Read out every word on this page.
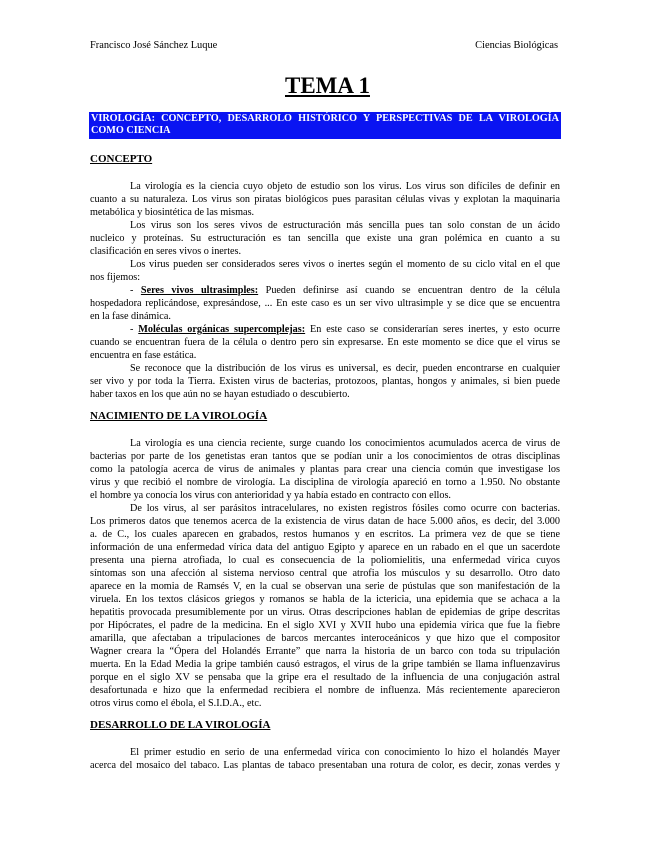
Francisco José Sánchez Luque	Ciencias Biológicas
TEMA 1
VIROLOGÍA: CONCEPTO, DESARROLO HISTÓRICO Y PERSPECTIVAS DE LA VIROLOGÍA
COMO CIENCIA
CONCEPTO
La virología es la ciencia cuyo objeto de estudio son los virus. Los virus son difíciles de definir en
cuanto a su naturaleza. Los virus son piratas biológicos pues parasitan células vivas y explotan la maquinaria
metabólica y biosintética de las mismas.
Los virus son los seres vivos de estructuración más sencilla pues tan solo constan de un ácido
nucleico y proteínas. Su estructuración es tan sencilla que existe una gran polémica en cuanto a su
clasificación en seres vivos o inertes.
Los virus pueden ser considerados seres vivos o inertes según el momento de su ciclo vital en el que
nos fijemos:
- Seres vivos ultrasimples: Pueden definirse así cuando se encuentran dentro de la célula
hospedadora replicándose, expresándose, ... En este caso es un ser vivo ultrasimple y se dice que se encuentra
en la fase dinámica.
- Moléculas orgánicas supercomplejas: En este caso se considerarían seres inertes, y esto ocurre
cuando se encuentran fuera de la célula o dentro pero sin expresarse. En este momento se dice que el virus se
encuentra en fase estática.
Se reconoce que la distribución de los virus es universal, es decir, pueden encontrarse en cualquier
ser vivo y por toda la Tierra. Existen virus de bacterias, protozoos, plantas, hongos y animales, si bien puede
haber taxos en los que aún no se hayan estudiado o descubierto.
NACIMIENTO DE LA VIROLOGÍA
La virología es una ciencia reciente, surge cuando los conocimientos acumulados acerca de virus de
bacterias por parte de los genetistas eran tantos que se podían unir a los conocimientos de otras disciplinas
como la patología acerca de virus de animales y plantas para crear una ciencia común que investigase los
virus y que recibió el nombre de virología. La disciplina de virología apareció en torno a 1.950. No obstante
el hombre ya conocía los virus con anterioridad y ya había estado en contracto con ellos.
De los virus, al ser parásitos intracelulares, no existen registros fósiles como ocurre con bacterias.
Los primeros datos que tenemos acerca de la existencia de virus datan de hace 5.000 años, es decir, del 3.000
a. de C., los cuales aparecen en grabados, restos humanos y en escritos. La primera vez de que se tiene
información de una enfermedad vírica data del antiguo Egipto y aparece en un rabado en el que un sacerdote
presenta una pierna atrofiada, lo cual es consecuencia de la poliomielitis, una enfermedad vírica cuyos
síntomas son una afección al sistema nervioso central que atrofia los músculos y su desarrollo. Otro dato
aparece en la momia de Ramsés V, en la cual se observan una serie de pústulas que son manifestación de la
viruela. En los textos clásicos griegos y romanos se habla de la ictericia, una epidemia que se achaca a la
hepatitis provocada presumiblemente por un virus. Otras descripciones hablan de epidemias de gripe descritas
por Hipócrates, el padre de la medicina. En el siglo XVI y XVII hubo una epidemia vírica que fue la fiebre
amarilla, que afectaban a tripulaciones de barcos mercantes interoceánicos y que hizo que el compositor
Wagner creara la “Ópera del Holandés Errante” que narra la historia de un barco con toda su tripulación
muerta. En la Edad Media la gripe también causó estragos, el virus de la gripe también se llama influenzavirus
porque en el siglo XV se pensaba que la gripe era el resultado de la influencia de una conjugación astral
desafortunada e hizo que la enfermedad recibiera el nombre de influenza. Más recientemente aparecieron
otros virus como el ébola, el S.I.D.A., etc.
DESARROLLO DE LA VIROLOGÍA
El primer estudio en serio de una enfermedad vírica con conocimiento lo hizo el holandés Mayer
acerca del mosaico del tabaco. Las plantas de tabaco presentaban una rotura de color, es decir, zonas verdes y
